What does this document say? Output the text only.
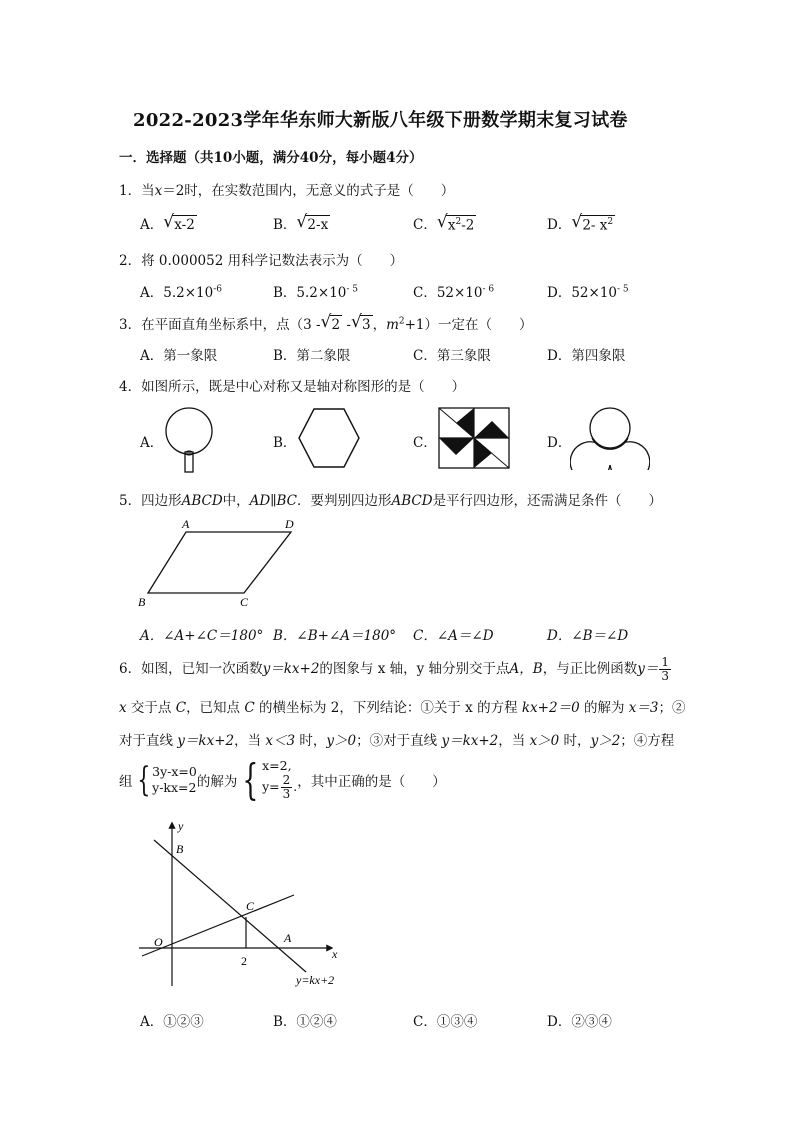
2022-2023学年华东师大新版八年级下册数学期末复习试卷
一．选择题（共10小题，满分40分，每小题4分）
1．当x＝2时，在实数范围内，无意义的式子是（　　）
A． √ x-2	B． √ 2-x	C． √ $x^2-2$	D． √ 2- $x^2$
2．将 0.000052 用科学记数法表示为（　　）
A．$5.2\times 10^{-6}$	B．$5.2\times 10^{- 5}$	C．$52\times 10^{- 6}$	D．$52\times 10^{- 5}$
3．在平面直角坐标系中，点（3 - √ 2 - √ 3 ，$m^2+1$）一定在（　　）
A．第一象限	B．第二象限	C．第三象限	D．第四象限
4．如图所示，既是中心对称又是轴对称图形的是（　　）
A．	B．	C．	D．
5．四边形ABCD中，AD∥BC．要判别四边形ABCD是平行四边形，还需满足条件（　　）
A	D
B	C
A．∠A+∠C＝180° B．∠B+∠A＝180° C．∠A＝∠D	D．∠B＝∠D
6．如图，已知一次函数y＝kx+2的图象与 x 轴，y 轴分别交于点A，B，与正比例函数$y= \frac{1}{3}$
x 交于点 C，已知点 C 的横坐标为 2，下列结论：①关于 x 的方程 kx+2＝0 的解为 x＝3；②
对于直线 y＝kx+2，当 x＜3 时，y＞0；③对于直线 y＝kx+2，当 x＞0 时，y＞2；④方程
组 { 3y-x=0
y-kx=2 的解为 { x=2,
$y= \frac{2}{3}$ . ，其中正确的是（　　）
y
x
O
B
C
A
2
y=kx+2
A．①②③	B．①②④	C．①③④	D．②③④
